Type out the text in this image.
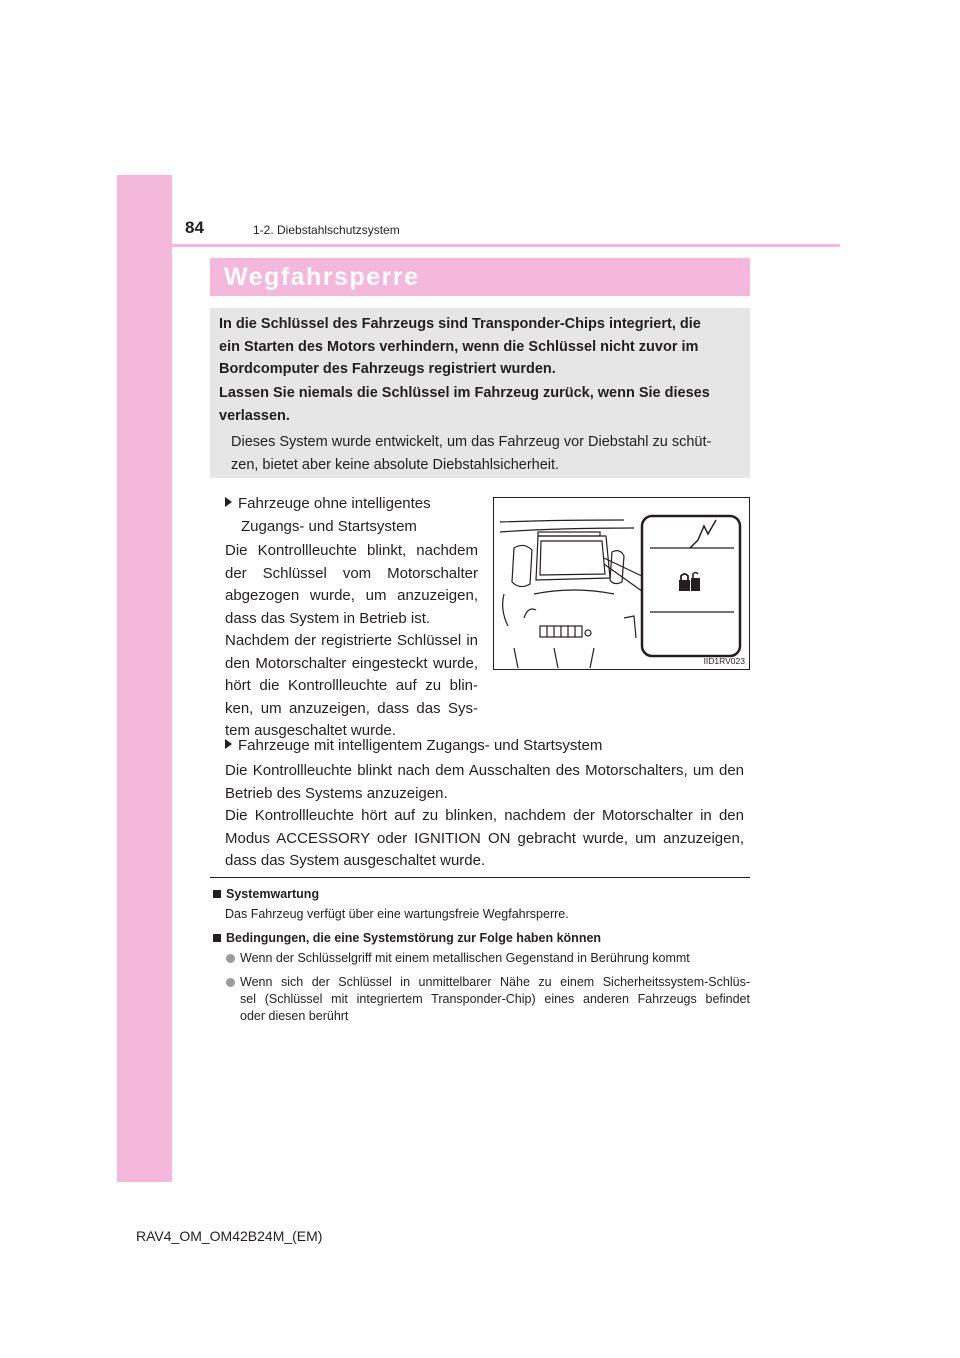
84	1-2. Diebstahlschutzsystem
Wegfahrsperre

In die Schlüssel des Fahrzeugs sind Transponder-Chips integriert, die

ein Starten des Motors verhindern, wenn die Schlüssel nicht zuvor im

Bordcomputer des Fahrzeugs registriert wurden.

Lassen Sie niemals die Schlüssel im Fahrzeug zurück, wenn Sie dieses

verlassen.

Dieses System wurde entwickelt, um das Fahrzeug vor Diebstahl zu schüt-

zen, bietet aber keine absolute Diebstahlsicherheit.

Fahrzeuge ohne intelligentes

Zugangs- und Startsystem

Die Kontrollleuchte blinkt, nachdem

der Schlüssel vom Motorschalter

abgezogen wurde, um anzuzeigen,

dass das System in Betrieb ist.

Nachdem der registrierte Schlüssel in

den Motorschalter eingesteckt wurde,

hört die Kontrollleuchte auf zu blin-

ken, um anzuzeigen, dass das Sys-

tem ausgeschaltet wurde.

IID1RV023

Fahrzeuge mit intelligentem Zugangs- und Startsystem

Die Kontrollleuchte blinkt nach dem Ausschalten des Motorschalters, um den

Betrieb des Systems anzuzeigen.

Die Kontrollleuchte hört auf zu blinken, nachdem der Motorschalter in den

Modus ACCESSORY oder IGNITION ON gebracht wurde, um anzuzeigen,

dass das System ausgeschaltet wurde.

Systemwartung

Das Fahrzeug verfügt über eine wartungsfreie Wegfahrsperre.

Bedingungen, die eine Systemstörung zur Folge haben können

Wenn der Schlüsselgriff mit einem metallischen Gegenstand in Berührung kommt

Wenn sich der Schlüssel in unmittelbarer Nähe zu einem Sicherheitssystem-Schlüs-

sel (Schlüssel mit integriertem Transponder-Chip) eines anderen Fahrzeugs befindet

oder diesen berührt

RAV4_OM_OM42B24M_(EM)
